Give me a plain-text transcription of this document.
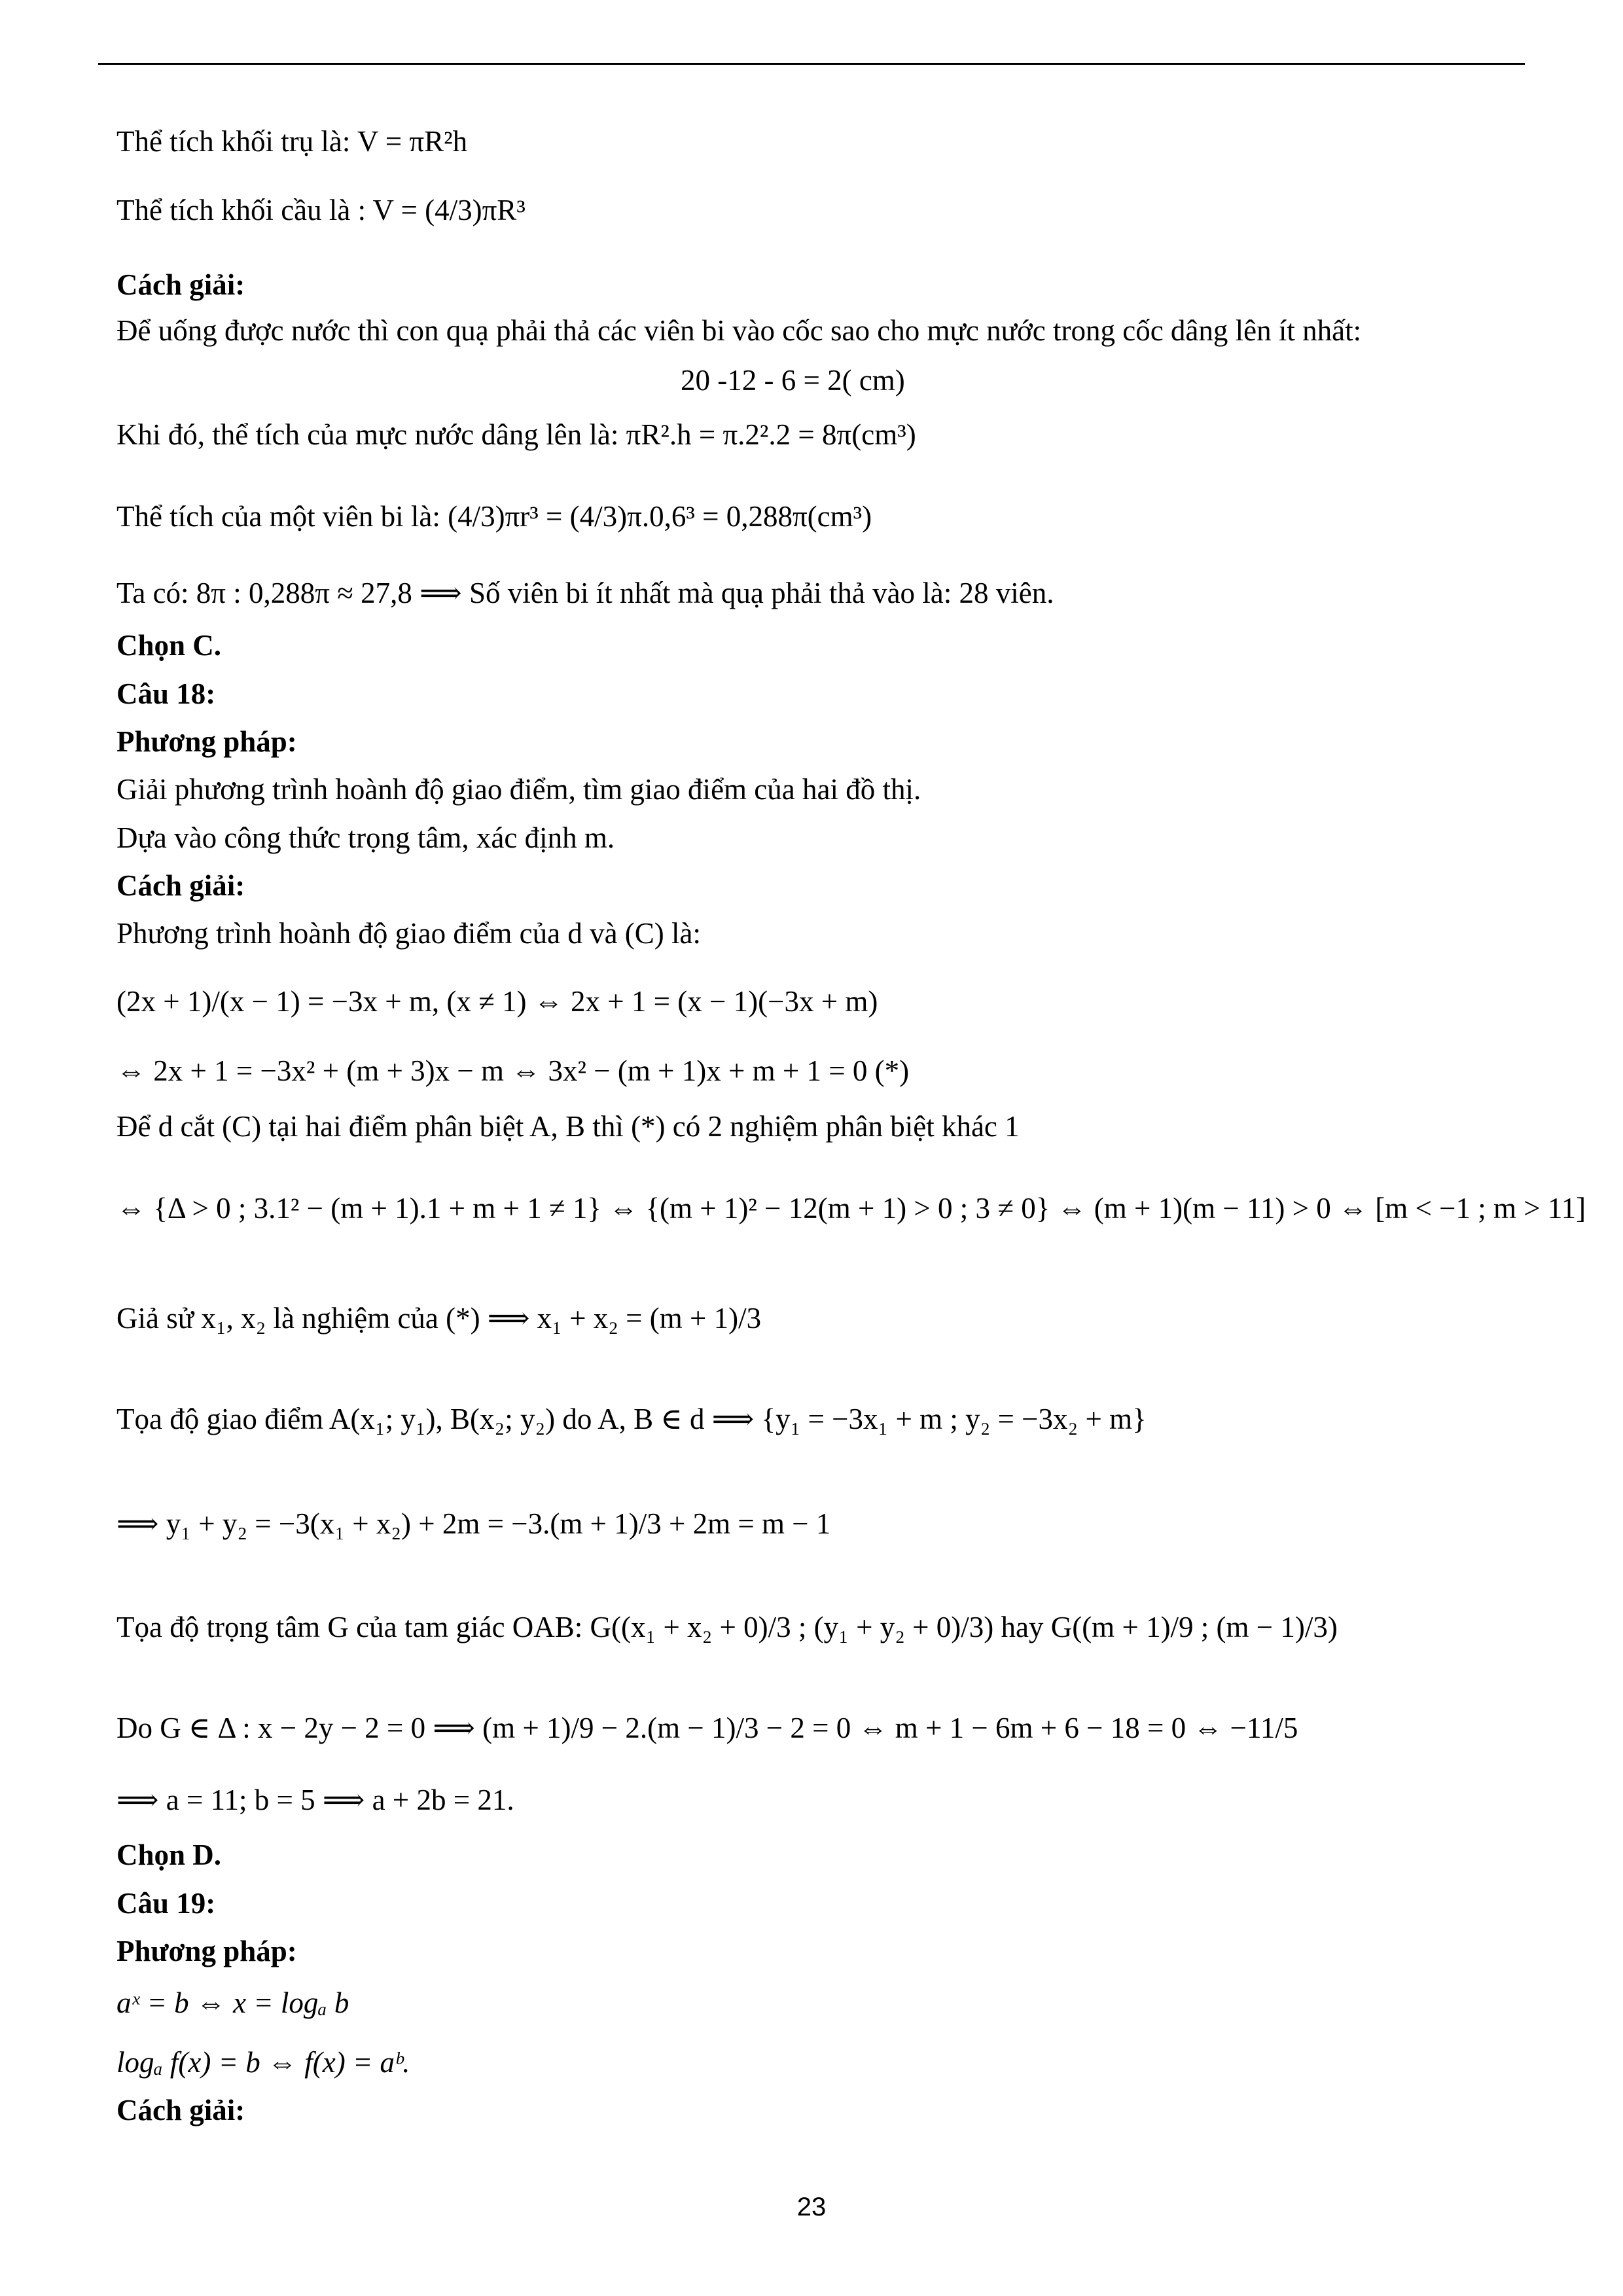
Thể tích khối trụ là: V = πR²h
Thể tích khối cầu là : V = (4/3)πR³
Cách giải:
Để uống được nước thì con quạ phải thả các viên bi vào cốc sao cho mực nước trong cốc dâng lên ít nhất:
20 -12 - 6 = 2( cm)
Khi đó, thể tích của mực nước dâng lên là: πR².h = π.2².2 = 8π(cm³)
Thể tích của một viên bi là: (4/3)πr³ = (4/3)π.0,6³ = 0,288π(cm³)
Ta có: 8π : 0,288π ≈ 27,8 ⟹ Số viên bi ít nhất mà quạ phải thả vào là: 28 viên.
Chọn C.
Câu 18:
Phương pháp:
Giải phương trình hoành độ giao điểm, tìm giao điểm của hai đồ thị.
Dựa vào công thức trọng tâm, xác định m.
Cách giải:
Phương trình hoành độ giao điểm của d và (C) là:
(2x + 1)/(x − 1) = −3x + m, (x ≠ 1) ⇔ 2x + 1 = (x − 1)(−3x + m)
⇔ 2x + 1 = −3x² + (m + 3)x − m ⇔ 3x² − (m + 1)x + m + 1 = 0 (*)
Để d cắt (C) tại hai điểm phân biệt A, B thì (*) có 2 nghiệm phân biệt khác 1
⇔ {Δ > 0 ; 3.1² − (m + 1).1 + m + 1 ≠ 1} ⇔ {(m + 1)² − 12(m + 1) > 0 ; 3 ≠ 0} ⇔ (m + 1)(m − 11) > 0 ⇔ [m < −1 ; m > 11]
Giả sử x₁, x₂ là nghiệm của (*) ⟹ x₁ + x₂ = (m + 1)/3
Tọa độ giao điểm A(x₁; y₁), B(x₂; y₂) do A, B ∈ d ⟹ {y₁ = −3x₁ + m ; y₂ = −3x₂ + m}
⟹ y₁ + y₂ = −3(x₁ + x₂) + 2m = −3.(m + 1)/3 + 2m = m − 1
Tọa độ trọng tâm G của tam giác OAB: G((x₁ + x₂ + 0)/3 ; (y₁ + y₂ + 0)/3) hay G((m + 1)/9 ; (m − 1)/3)
Do G ∈ Δ : x − 2y − 2 = 0 ⟹ (m + 1)/9 − 2.(m − 1)/3 − 2 = 0 ⇔ m + 1 − 6m + 6 − 18 = 0 ⇔ −11/5
⟹ a = 11; b = 5 ⟹ a + 2b = 21.
Chọn D.
Câu 19:
Phương pháp:
aˣ = b ⇔ x = logₐ b
logₐ f(x) = b ⇔ f(x) = aᵇ.
Cách giải:
23
